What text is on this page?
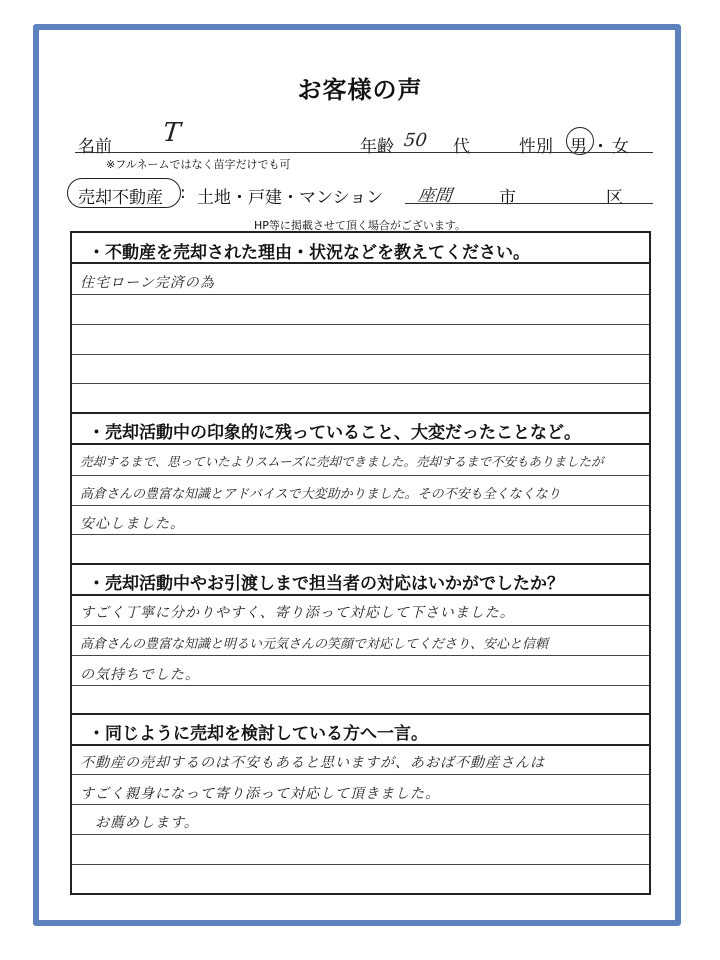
お客様の声
名前 T	年齢 50 代	性別 男 ・ 女
※フルネームではなく苗字だけでも可
売却不動産 : 土地・戸建・マンション 座間	市	区
HP等に掲載させて頂く場合がございます。
・不動産を売却された理由・状況などを教えてください。
住宅ローン完済の為
・売却活動中の印象的に残っていること、大変だったことなど。
売却するまで、思っていたよりスムーズに売却できました。売却するまで不安もありましたが
高倉さんの豊富な知識とアドバイスで大変助かりました。その不安も全くなくなり
安心しました。
・売却活動中やお引渡しまで担当者の対応はいかがでしたか？
すごく丁寧に分かりやすく、寄り添って対応して下さいました。
高倉さんの豊富な知識と明るい元気さんの笑顔で対応してくださり、安心と信頼
の気持ちでした。
・同じように売却を検討している方へ一言。
不動産の売却するのは不安もあると思いますが、あおば不動産さんは
すごく親身になって寄り添って対応して頂きました。
お薦めします。
